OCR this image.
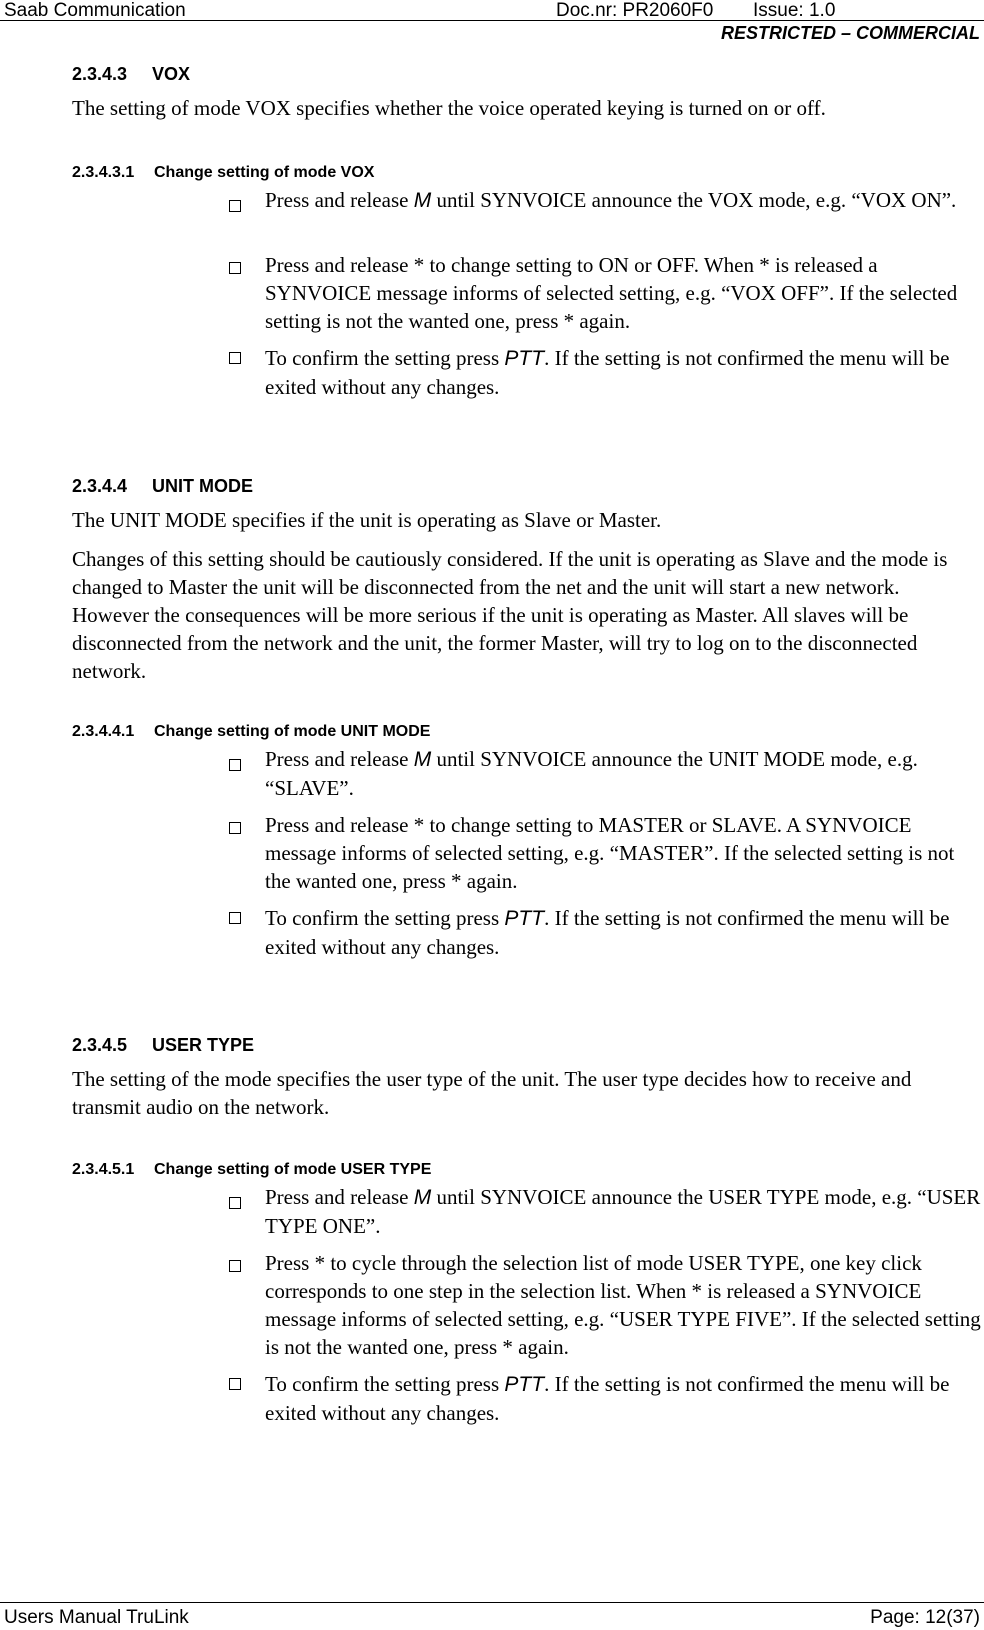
Saab Communication	Doc.nr: PR2060F0 Issue: 1.0
RESTRICTED – COMMERCIAL
2.3.4.3 VOX
The setting of mode VOX specifies whether the voice operated keying is turned on or off.
2.3.4.3.1 Change setting of mode VOX
Press and release M until SYNVOICE announce the VOX mode, e.g. “VOX ON”.
Press and release * to change setting to ON or OFF. When * is released a SYNVOICE message informs of selected setting, e.g. “VOX OFF”. If the selected setting is not the wanted one, press * again.
To confirm the setting press PTT. If the setting is not confirmed the menu will be exited without any changes.
2.3.4.4 UNIT MODE
The UNIT MODE specifies if the unit is operating as Slave or Master.
Changes of this setting should be cautiously considered. If the unit is operating as Slave and the mode is changed to Master the unit will be disconnected from the net and the unit will start a new network. However the consequences will be more serious if the unit is operating as Master. All slaves will be disconnected from the network and the unit, the former Master, will try to log on to the disconnected network.
2.3.4.4.1 Change setting of mode UNIT MODE
Press and release M until SYNVOICE announce the UNIT MODE mode, e.g. “SLAVE”.
Press and release * to change setting to MASTER or SLAVE. A SYNVOICE message informs of selected setting, e.g. “MASTER”. If the selected setting is not the wanted one, press * again.
To confirm the setting press PTT. If the setting is not confirmed the menu will be exited without any changes.
2.3.4.5 USER TYPE
The setting of the mode specifies the user type of the unit. The user type decides how to receive and transmit audio on the network.
2.3.4.5.1 Change setting of mode USER TYPE
Press and release M until SYNVOICE announce the USER TYPE mode, e.g. “USER TYPE ONE”.
Press * to cycle through the selection list of mode USER TYPE, one key click corresponds to one step in the selection list. When * is released a SYNVOICE message informs of selected setting, e.g. “USER TYPE FIVE”. If the selected setting is not the wanted one, press * again.
To confirm the setting press PTT. If the setting is not confirmed the menu will be exited without any changes.
Users Manual TruLink	Page: 12(37)
